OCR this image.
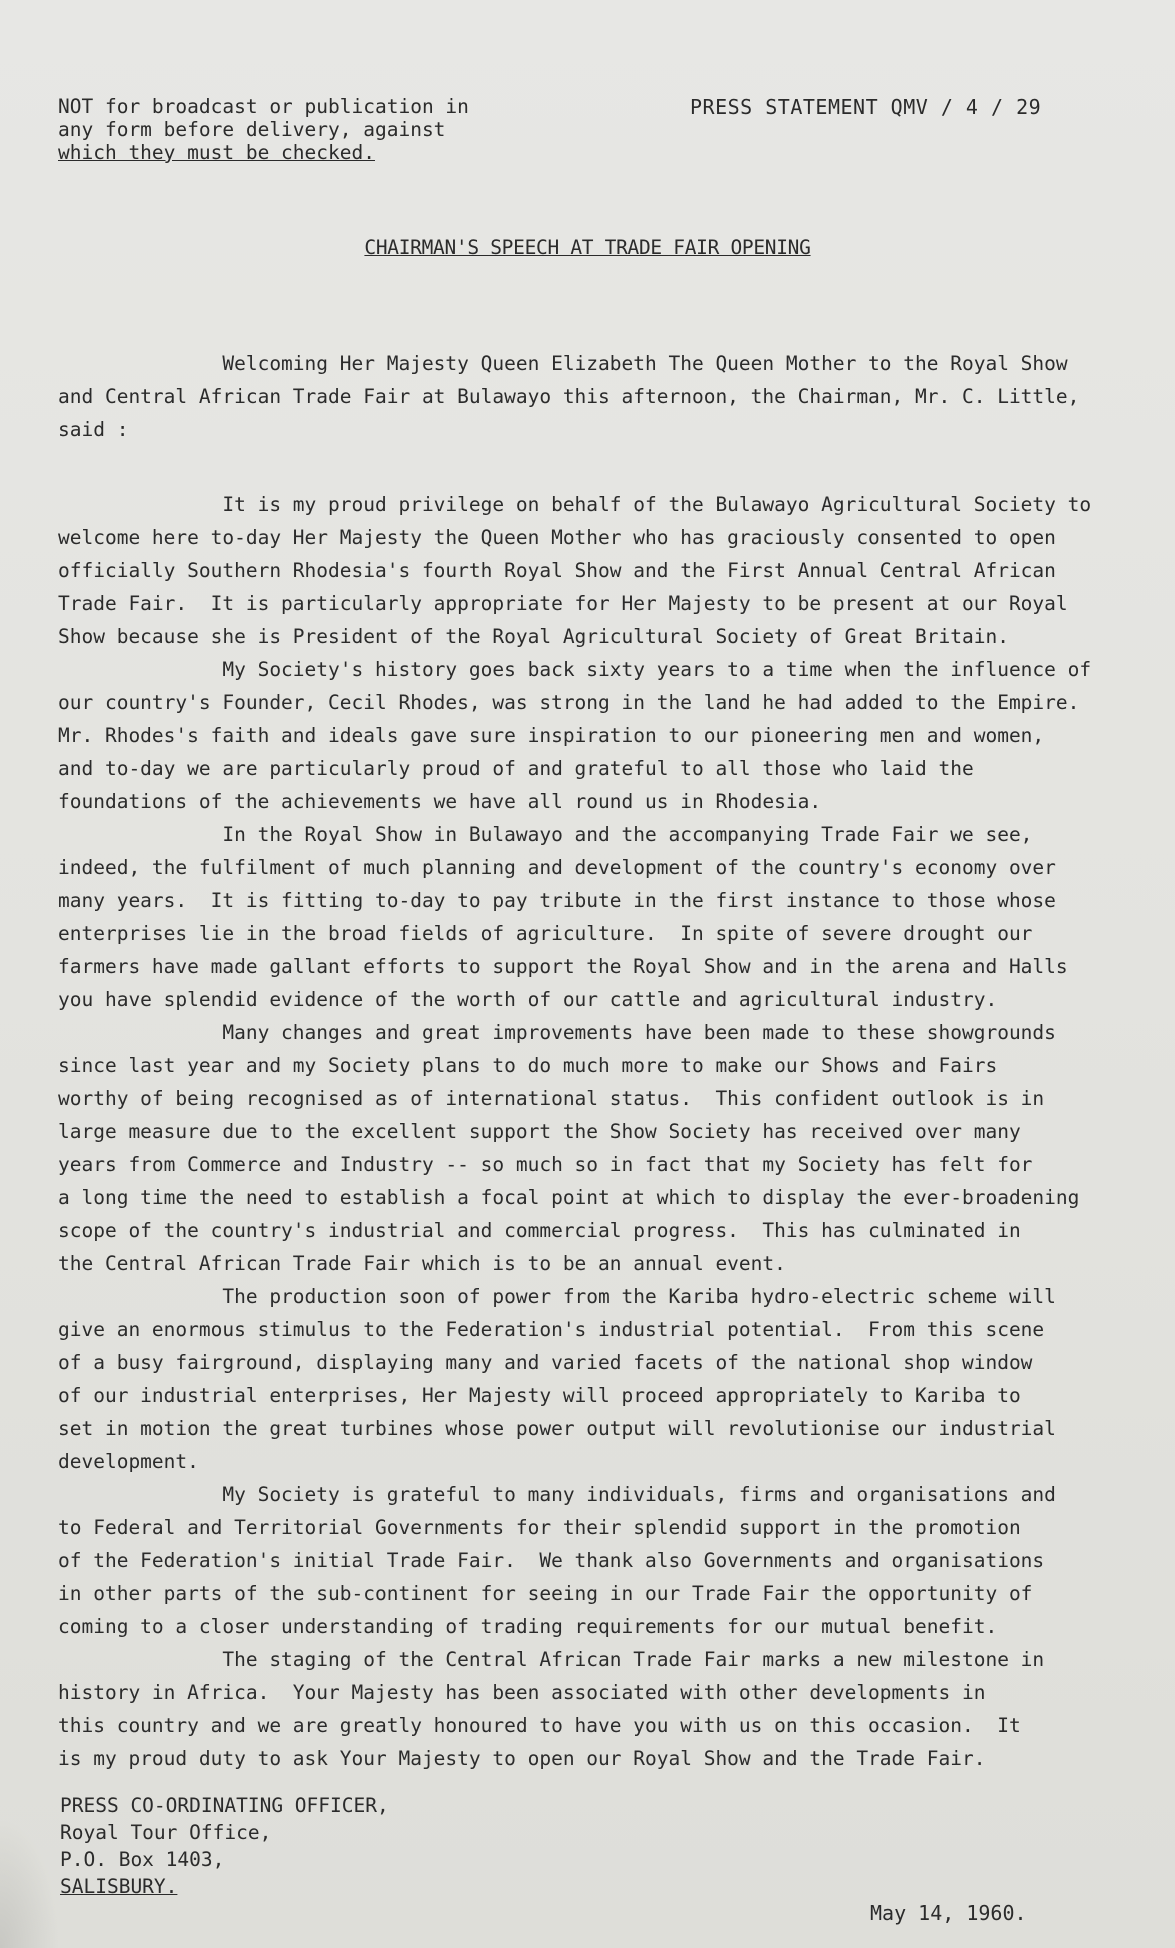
NOT for broadcast or publication in
any form before delivery, against
which they must be checked.
PRESS STATEMENT QMV / 4 / 29
CHAIRMAN'S SPEECH AT TRADE FAIR OPENING

Welcoming Her Majesty Queen Elizabeth The Queen Mother to the Royal Show
and Central African Trade Fair at Bulawayo this afternoon, the Chairman, Mr. C. Little,
said :

It is my proud privilege on behalf of the Bulawayo Agricultural Society to
welcome here to-day Her Majesty the Queen Mother who has graciously consented to open
officially Southern Rhodesia's fourth Royal Show and the First Annual Central African
Trade Fair.  It is particularly appropriate for Her Majesty to be present at our Royal
Show because she is President of the Royal Agricultural Society of Great Britain.

My Society's history goes back sixty years to a time when the influence of
our country's Founder, Cecil Rhodes, was strong in the land he had added to the Empire.
Mr. Rhodes's faith and ideals gave sure inspiration to our pioneering men and women,
and to-day we are particularly proud of and grateful to all those who laid the
foundations of the achievements we have all round us in Rhodesia.

In the Royal Show in Bulawayo and the accompanying Trade Fair we see,
indeed, the fulfilment of much planning and development of the country's economy over
many years.  It is fitting to-day to pay tribute in the first instance to those whose
enterprises lie in the broad fields of agriculture.  In spite of severe drought our
farmers have made gallant efforts to support the Royal Show and in the arena and Halls
you have splendid evidence of the worth of our cattle and agricultural industry.

Many changes and great improvements have been made to these showgrounds
since last year and my Society plans to do much more to make our Shows and Fairs
worthy of being recognised as of international status.  This confident outlook is in
large measure due to the excellent support the Show Society has received over many
years from Commerce and Industry -- so much so in fact that my Society has felt for
a long time the need to establish a focal point at which to display the ever-broadening
scope of the country's industrial and commercial progress.  This has culminated in
the Central African Trade Fair which is to be an annual event.

The production soon of power from the Kariba hydro-electric scheme will
give an enormous stimulus to the Federation's industrial potential.  From this scene
of a busy fairground, displaying many and varied facets of the national shop window
of our industrial enterprises, Her Majesty will proceed appropriately to Kariba to
set in motion the great turbines whose power output will revolutionise our industrial
development.

My Society is grateful to many individuals, firms and organisations and
to Federal and Territorial Governments for their splendid support in the promotion
of the Federation's initial Trade Fair.  We thank also Governments and organisations
in other parts of the sub-continent for seeing in our Trade Fair the opportunity of
coming to a closer understanding of trading requirements for our mutual benefit.

The staging of the Central African Trade Fair marks a new milestone in
history in Africa.  Your Majesty has been associated with other developments in
this country and we are greatly honoured to have you with us on this occasion.  It
is my proud duty to ask Your Majesty to open our Royal Show and the Trade Fair.

PRESS CO-ORDINATING OFFICER,
Royal Tour Office,
P.O. Box 1403,
SALISBURY.
May 14, 1960.
